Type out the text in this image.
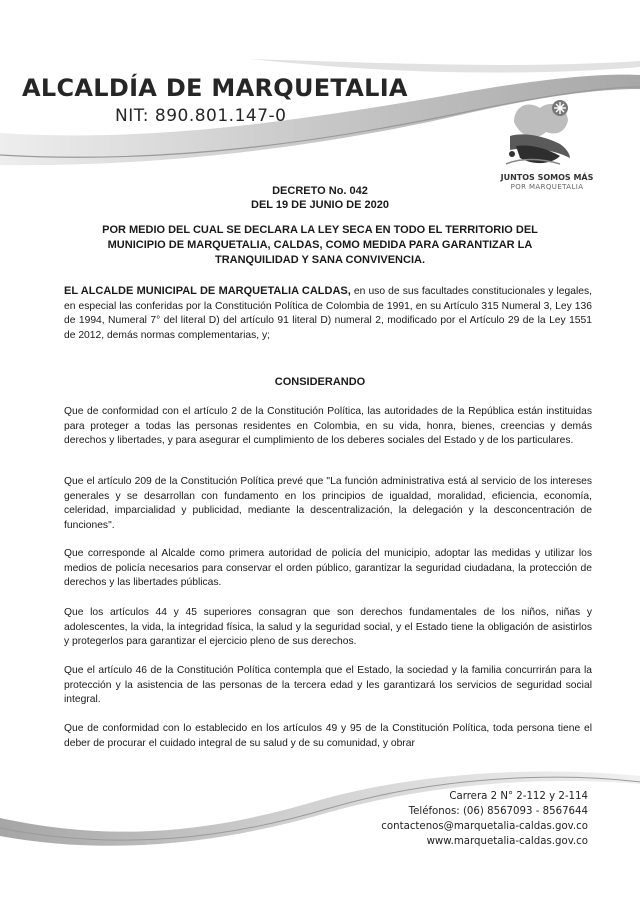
ALCALDÍA DE MARQUETALIA
NIT: 890.801.147-0
JUNTOS SOMOS MÁS
POR MARQUETALIA
DECRETO No. 042
DEL 19 DE JUNIO DE 2020
POR MEDIO DEL CUAL SE DECLARA LA LEY SECA EN TODO EL TERRITORIO DEL MUNICIPIO DE MARQUETALIA, CALDAS, COMO MEDIDA PARA GARANTIZAR LA TRANQUILIDAD Y SANA CONVIVENCIA.

EL ALCALDE MUNICIPAL DE MARQUETALIA CALDAS, en uso de sus facultades constitucionales y legales, en especial las conferidas por la Constitución Política de Colombia de 1991, en su Artículo 315 Numeral 3, Ley 136 de 1994, Numeral 7° del literal D) del artículo 91 literal D) numeral 2, modificado por el Artículo 29 de la Ley 1551 de 2012, demás normas complementarias, y;

CONSIDERANDO

Que de conformidad con el artículo 2 de la Constitución Política, las autoridades de la República están instituidas para proteger a todas las personas residentes en Colombia, en su vida, honra, bienes, creencias y demás derechos y libertades, y para asegurar el cumplimiento de los deberes sociales del Estado y de los particulares.

Que el artículo 209 de la Constitución Política prevé que "La función administrativa está al servicio de los intereses generales y se desarrollan con fundamento en los principios de igualdad, moralidad, eficiencia, economía, celeridad, imparcialidad y publicidad, mediante la descentralización, la delegación y la desconcentración de funciones".

Que corresponde al Alcalde como primera autoridad de policía del municipio, adoptar las medidas y utilizar los medios de policía necesarios para conservar el orden público, garantizar la seguridad ciudadana, la protección de derechos y las libertades públicas.

Que los artículos 44 y 45 superiores consagran que son derechos fundamentales de los niños, niñas y adolescentes, la vida, la integridad física, la salud y la seguridad social, y el Estado tiene la obligación de asistirlos y protegerlos para garantizar el ejercicio pleno de sus derechos.

Que el artículo 46 de la Constitución Política contempla que el Estado, la sociedad y la familia concurrirán para la protección y la asistencia de las personas de la tercera edad y les garantizará los servicios de seguridad social integral.

Que de conformidad con lo establecido en los artículos 49 y 95 de la Constitución Política, toda persona tiene el deber de procurar el cuidado integral de su salud y de su comunidad, y obrar

Carrera 2 N° 2-112 y 2-114
Teléfonos: (06) 8567093 - 8567644
contactenos@marquetalia-caldas.gov.co
www.marquetalia-caldas.gov.co
